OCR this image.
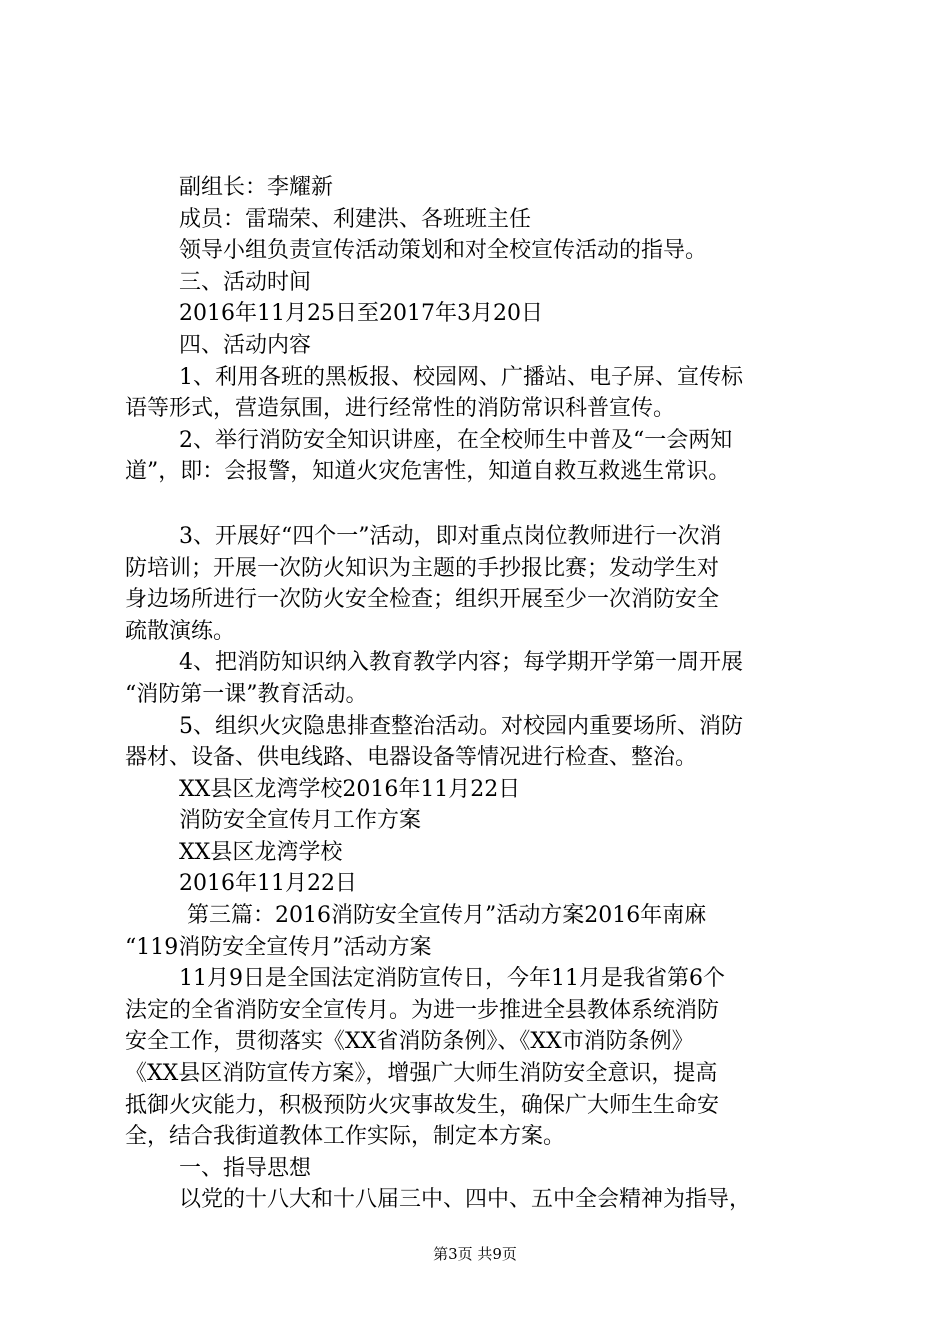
副组长：李耀新

成员：雷瑞荣、利建洪、各班班主任

领导小组负责宣传活动策划和对全校宣传活动的指导。

三、活动时间

2016年11月25日至2017年3月20日

四、活动内容

1、利用各班的黑板报、校园网、广播站、电子屏、宣传标

语等形式，营造氛围，进行经常性的消防常识科普宣传。

2、举行消防安全知识讲座，在全校师生中普及“一会两知

道”，即：会报警，知道火灾危害性，知道自救互救逃生常识。

3、开展好“四个一”活动，即对重点岗位教师进行一次消

防培训；开展一次防火知识为主题的手抄报比赛；发动学生对

身边场所进行一次防火安全检查；组织开展至少一次消防安全

疏散演练。

4、把消防知识纳入教育教学内容；每学期开学第一周开展

“消防第一课”教育活动。

5、组织火灾隐患排查整治活动。对校园内重要场所、消防

器材、设备、供电线路、电器设备等情况进行检查、整治。

XX县区龙湾学校2016年11月22日

消防安全宣传月工作方案

XX县区龙湾学校

2016年11月22日

第三篇：2016消防安全宣传月”活动方案2016年南麻

“119消防安全宣传月”活动方案

11月9日是全国法定消防宣传日，今年11月是我省第6个

法定的全省消防安全宣传月。为进一步推进全县教体系统消防

安全工作，贯彻落实《XX省消防条例》、《XX市消防条例》

《XX县区消防宣传方案》，增强广大师生消防安全意识，提高

抵御火灾能力，积极预防火灾事故发生，确保广大师生生命安

全，结合我街道教体工作实际，制定本方案。

一、指导思想

以党的十八大和十八届三中、四中、五中全会精神为指导，

第3页 共9页
